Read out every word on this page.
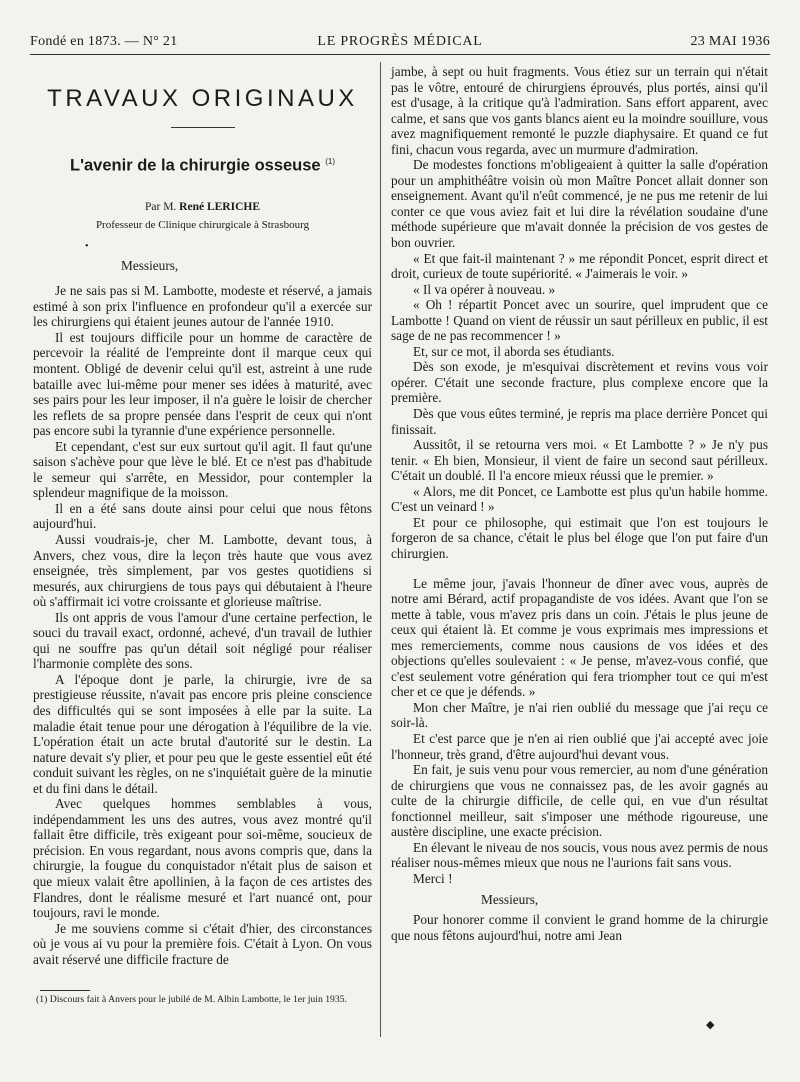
Fondé en 1873. — N° 21	LE PROGRÈS MÉDICAL	23 MAI 1936
TRAVAUX ORIGINAUX
L'avenir de la chirurgie osseuse $^{(1)}$
Par M. René LERICHE
Professeur de Clinique chirurgicale à Strasbourg
•

Messieurs,

Je ne sais pas si M. Lambotte, modeste et réservé, a jamais estimé à son prix l'influence en profondeur qu'il a exercée sur les chirurgiens qui étaient jeunes autour de l'année 1910.

Il est toujours difficile pour un homme de caractère de percevoir la réalité de l'empreinte dont il marque ceux qui montent. Obligé de devenir celui qu'il est, astreint à une rude bataille avec lui-même pour mener ses idées à maturité, avec ses pairs pour les leur imposer, il n'a guère le loisir de chercher les reflets de sa propre pensée dans l'esprit de ceux qui n'ont pas encore subi la tyrannie d'une expérience personnelle.

Et cependant, c'est sur eux surtout qu'il agit. Il faut qu'une saison s'achève pour que lève le blé. Et ce n'est pas d'habitude le semeur qui s'arrête, en Messidor, pour contempler la splendeur magnifique de la moisson.

Il en a été sans doute ainsi pour celui que nous fêtons aujourd'hui.

Aussi voudrais-je, cher M. Lambotte, devant tous, à Anvers, chez vous, dire la leçon très haute que vous avez enseignée, très simplement, par vos gestes quotidiens si mesurés, aux chirurgiens de tous pays qui débutaient à l'heure où s'affirmait ici votre croissante et glorieuse maîtrise.

Ils ont appris de vous l'amour d'une certaine perfection, le souci du travail exact, ordonné, achevé, d'un travail de luthier qui ne souffre pas qu'un détail soit négligé pour réaliser l'harmonie complète des sons.

A l'époque dont je parle, la chirurgie, ivre de sa prestigieuse réussite, n'avait pas encore pris pleine conscience des difficultés qui se sont imposées à elle par la suite. La maladie était tenue pour une dérogation à l'équilibre de la vie. L'opération était un acte brutal d'autorité sur le destin. La nature devait s'y plier, et pour peu que le geste essentiel eût été conduit suivant les règles, on ne s'inquiétait guère de la minutie et du fini dans le détail.

Avec quelques hommes semblables à vous, indépendamment les uns des autres, vous avez montré qu'il fallait être difficile, très exigeant pour soi-même, soucieux de précision. En vous regardant, nous avons compris que, dans la chirurgie, la fougue du conquistador n'était plus de saison et que mieux valait être apollinien, à la façon de ces artistes des Flandres, dont le réalisme mesuré et l'art nuancé ont, pour toujours, ravi le monde.

Je me souviens comme si c'était d'hier, des circonstances où je vous ai vu pour la première fois. C'était à Lyon. On vous avait réservé une difficile fracture de

(1) Discours fait à Anvers pour le jubilé de M. Albin Lambotte, le 1er juin 1935.

jambe, à sept ou huit fragments. Vous étiez sur un terrain qui n'était pas le vôtre, entouré de chirurgiens éprouvés, plus portés, ainsi qu'il est d'usage, à la critique qu'à l'admiration. Sans effort apparent, avec calme, et sans que vos gants blancs aient eu la moindre souillure, vous avez magnifiquement remonté le puzzle diaphysaire. Et quand ce fut fini, chacun vous regarda, avec un murmure d'admiration.

De modestes fonctions m'obligeaient à quitter la salle d'opération pour un amphithéâtre voisin où mon Maître Poncet allait donner son enseignement. Avant qu'il n'eût commencé, je ne pus me retenir de lui conter ce que vous aviez fait et lui dire la révélation soudaine d'une méthode supérieure que m'avait donnée la précision de vos gestes de bon ouvrier.

« Et que fait-il maintenant ? » me répondit Poncet, esprit direct et droit, curieux de toute supériorité. « J'aimerais le voir. »

« Il va opérer à nouveau. »

« Oh ! répartit Poncet avec un sourire, quel imprudent que ce Lambotte ! Quand on vient de réussir un saut périlleux en public, il est sage de ne pas recommencer ! »

Et, sur ce mot, il aborda ses étudiants.

Dès son exode, je m'esquivai discrètement et revins vous voir opérer. C'était une seconde fracture, plus complexe encore que la première.

Dès que vous eûtes terminé, je repris ma place derrière Poncet qui finissait.

Aussitôt, il se retourna vers moi. « Et Lambotte ? » Je n'y pus tenir. « Eh bien, Monsieur, il vient de faire un second saut périlleux. C'était un doublé. Il l'a encore mieux réussi que le premier. »

« Alors, me dit Poncet, ce Lambotte est plus qu'un habile homme. C'est un veinard ! »

Et pour ce philosophe, qui estimait que l'on est toujours le forgeron de sa chance, c'était le plus bel éloge que l'on put faire d'un chirurgien.

Le même jour, j'avais l'honneur de dîner avec vous, auprès de notre ami Bérard, actif propagandiste de vos idées. Avant que l'on se mette à table, vous m'avez pris dans un coin. J'étais le plus jeune de ceux qui étaient là. Et comme je vous exprimais mes impressions et mes remerciements, comme nous causions de vos idées et des objections qu'elles soulevaient : « Je pense, m'avez-vous confié, que c'est seulement votre génération qui fera triompher tout ce qui m'est cher et ce que je défends. »

Mon cher Maître, je n'ai rien oublié du message que j'ai reçu ce soir-là.

Et c'est parce que je n'en ai rien oublié que j'ai accepté avec joie l'honneur, très grand, d'être aujourd'hui devant vous.

En fait, je suis venu pour vous remercier, au nom d'une génération de chirurgiens que vous ne connaissez pas, de les avoir gagnés au culte de la chirurgie difficile, de celle qui, en vue d'un résultat fonctionnel meilleur, sait s'imposer une méthode rigoureuse, une austère discipline, une exacte précision.

En élevant le niveau de nos soucis, vous nous avez permis de nous réaliser nous-mêmes mieux que nous ne l'aurions fait sans vous.

Merci !

Messieurs,

Pour honorer comme il convient le grand homme de la chirurgie que nous fêtons aujourd'hui, notre ami Jean

◆
